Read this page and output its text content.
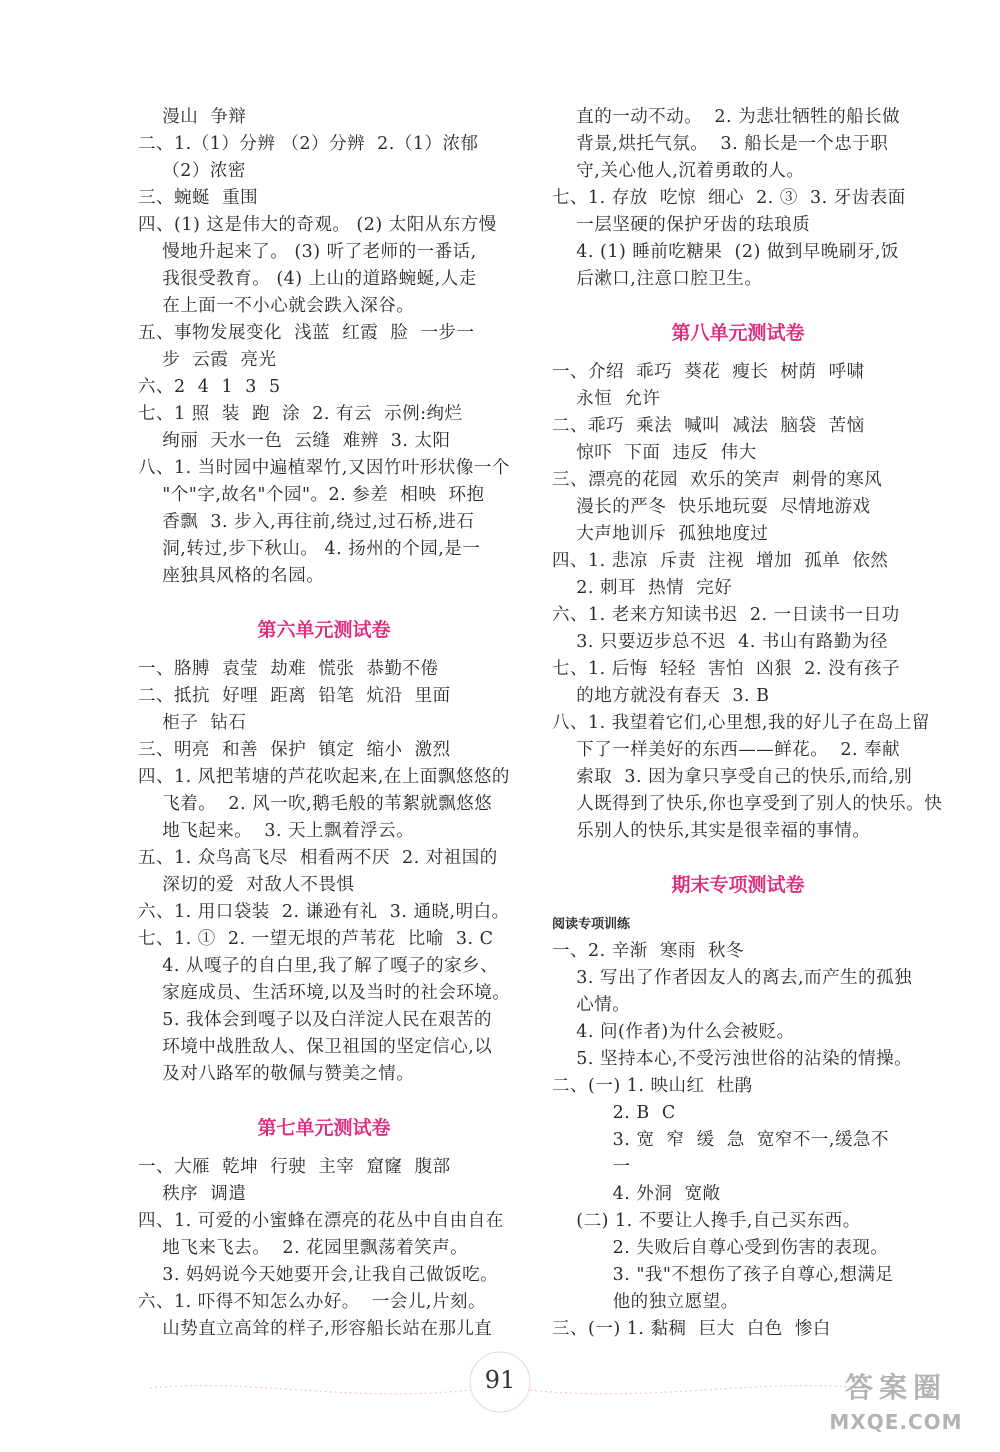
漫山  争辩
二、1.（1）分辨 （2）分辨  2.（1）浓郁
（2）浓密
三、蜿蜒  重围
四、(1) 这是伟大的奇观。 (2) 太阳从东方慢
慢地升起来了。 (3) 听了老师的一番话,
我很受教育。 (4) 上山的道路蜿蜒,人走
在上面一不小心就会跌入深谷。
五、事物发展变化  浅蓝  红霞  脸  一步一
步  云霞  亮光
六、2  4  1  3  5
七、1 照  装  跑  涂  2. 有云  示例:绚烂
绚丽  天水一色  云缝  难辨  3. 太阳
八、1. 当时园中遍植翠竹,又因竹叶形状像一个
"个"字,故名"个园"。2. 参差  相映  环抱
香飘  3. 步入,再往前,绕过,过石桥,进石
洞,转过,步下秋山。 4. 扬州的个园,是一
座独具风格的名园。
第六单元测试卷
一、胳膊  袁莹  劫难  慌张  恭勤不倦
二、抵抗  好哩  距离  铅笔  炕沿  里面
柜子  钻石
三、明亮  和善  保护  镇定  缩小  激烈
四、1. 风把苇塘的芦花吹起来,在上面飘悠悠的
飞着。  2. 风一吹,鹅毛般的苇絮就飘悠悠
地飞起来。  3. 天上飘着浮云。
五、1. 众鸟高飞尽  相看两不厌  2. 对祖国的
深切的爱  对敌人不畏惧
六、1. 用口袋装  2. 谦逊有礼  3. 通晓,明白。
七、1. ①  2. 一望无垠的芦苇花  比喻  3. C
4. 从嘎子的自白里,我了解了嘎子的家乡、
家庭成员、生活环境,以及当时的社会环境。
5. 我体会到嘎子以及白洋淀人民在艰苦的
环境中战胜敌人、保卫祖国的坚定信心,以
及对八路军的敬佩与赞美之情。
第七单元测试卷
一、大雁  乾坤  行驶  主宰  窟窿  腹部
秩序  调遣
四、1. 可爱的小蜜蜂在漂亮的花丛中自由自在
地飞来飞去。  2. 花园里飘荡着笑声。
3. 妈妈说今天她要开会,让我自己做饭吃。
六、1. 吓得不知怎么办好。  一会儿,片刻。
山势直立高耸的样子,形容船长站在那儿直
直的一动不动。  2. 为悲壮牺牲的船长做
背景,烘托气氛。  3. 船长是一个忠于职
守,关心他人,沉着勇敢的人。
七、1. 存放  吃惊  细心  2. ③  3. 牙齿表面
一层坚硬的保护牙齿的珐琅质
4. (1) 睡前吃糖果  (2) 做到早晚刷牙,饭
后漱口,注意口腔卫生。
第八单元测试卷
一、介绍  乖巧  葵花  瘦长  树荫  呼啸
永恒  允许
二、乖巧  乘法  喊叫  减法  脑袋  苦恼
惊吓  下面  违反  伟大
三、漂亮的花园  欢乐的笑声  刺骨的寒风
漫长的严冬  快乐地玩耍  尽情地游戏
大声地训斥  孤独地度过
四、1. 悲凉  斥责  注视  增加  孤单  依然
2. 刺耳  热情  完好
六、1. 老来方知读书迟  2. 一日读书一日功
3. 只要迈步总不迟  4. 书山有路勤为径
七、1. 后悔  轻轻  害怕  凶狠  2. 没有孩子
的地方就没有春天  3. B
八、1. 我望着它们,心里想,我的好儿子在岛上留
下了一样美好的东西——鲜花。  2. 奉献
索取  3. 因为拿只享受自己的快乐,而给,别
人既得到了快乐,你也享受到了别人的快乐。快
乐别人的快乐,其实是很幸福的事情。
期末专项测试卷
阅读专项训练
一、2. 辛渐  寒雨  秋冬
3. 写出了作者因友人的离去,而产生的孤独
心情。
4. 问(作者)为什么会被贬。
5. 坚持本心,不受污浊世俗的沾染的情操。
二、(一) 1. 映山红  杜鹃
2. B  C
3. 宽  窄  缓  急  宽窄不一,缓急不
一
4. 外洞  宽敞
(二) 1. 不要让人搀手,自己买东西。
2. 失败后自尊心受到伤害的表现。
3. "我"不想伤了孩子自尊心,想满足
他的独立愿望。
三、(一) 1. 黏稠  巨大  白色  惨白
91	答案圈
MXQE.COM
